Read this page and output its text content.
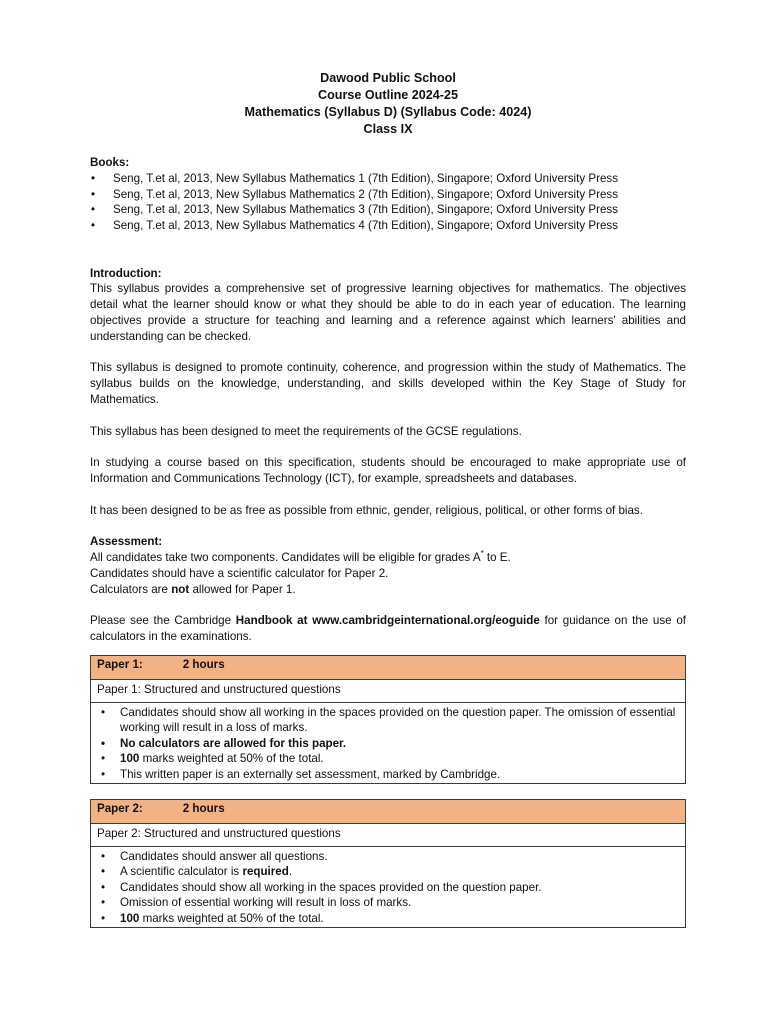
Dawood Public School
Course Outline 2024-25
Mathematics (Syllabus D) (Syllabus Code: 4024)
Class IX
Books:
• Seng, T.et al, 2013, New Syllabus Mathematics 1 (7th Edition), Singapore; Oxford University Press
• Seng, T.et al, 2013, New Syllabus Mathematics 2 (7th Edition), Singapore; Oxford University Press
• Seng, T.et al, 2013, New Syllabus Mathematics 3 (7th Edition), Singapore; Oxford University Press
• Seng, T.et al, 2013, New Syllabus Mathematics 4 (7th Edition), Singapore; Oxford University Press
Introduction:
This syllabus provides a comprehensive set of progressive learning objectives for mathematics. The objectives detail what the learner should know or what they should be able to do in each year of education. The learning objectives provide a structure for teaching and learning and a reference against which learners' abilities and understanding can be checked.
This syllabus is designed to promote continuity, coherence, and progression within the study of Mathematics. The syllabus builds on the knowledge, understanding, and skills developed within the Key Stage of Study for Mathematics.
This syllabus has been designed to meet the requirements of the GCSE regulations.
In studying a course based on this specification, students should be encouraged to make appropriate use of Information and Communications Technology (ICT), for example, spreadsheets and databases.
It has been designed to be as free as possible from ethnic, gender, religious, political, or other forms of bias.
Assessment:
All candidates take two components. Candidates will be eligible for grades A* to E.
Candidates should have a scientific calculator for Paper 2.
Calculators are not allowed for Paper 1.
Please see the Cambridge Handbook at www.cambridgeinternational.org/eoguide for guidance on the use of calculators in the examinations.
Paper 1:	2 hours
Paper 1: Structured and unstructured questions
• Candidates should show all working in the spaces provided on the question paper. The omission of essential working will result in a loss of marks.
• No calculators are allowed for this paper.
• 100 marks weighted at 50% of the total.
• This written paper is an externally set assessment, marked by Cambridge.
Paper 2:	2 hours
Paper 2: Structured and unstructured questions
• Candidates should answer all questions.
• A scientific calculator is required.
• Candidates should show all working in the spaces provided on the question paper.
• Omission of essential working will result in loss of marks.
• 100 marks weighted at 50% of the total.
